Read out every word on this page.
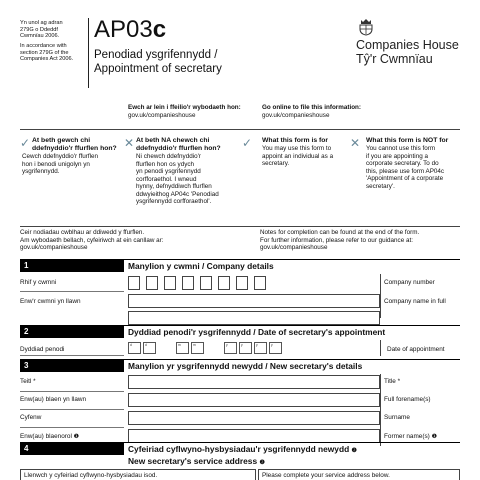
Yn unol ag adran
279G o Ddeddf
Cwmnïau 2006.
In accordance with
section 279G of the
Companies Act 2006.
AP03c
Penodiad ysgrifennydd /
Appointment of secretary
Companies House
Tŷ'r Cwmnïau
Ewch ar lein i ffeilio'r wybodaeth hon:
gov.uk/companieshouse
Go online to file this information:
gov.uk/companieshouse
✓ At beth gewch chi
ddefnyddio'r ffurflen hon?
Cewch ddefnyddio'r ffurflen
hon i benodi unigolyn yn
ysgrifennydd.
✕ At beth NA chewch chi
ddefnyddio'r ffurflen hon?
Ni chewch ddefnyddio'r
ffurflen hon os ydych
yn penodi ysgrifennydd
corfforaethol. I wneud
hynny, defnyddiwch ffurflen
ddwyieithog AP04c 'Penodiad
ysgrifennydd corfforaethol'.
✓ What this form is for
You may use this form to
appoint an individual as a
secretary.
✕ What this form is NOT for
You cannot use this form
if you are appointing a
corporate secretary. To do
this, please use form AP04c
'Appointment of a corporate
secretary'.
Ceir nodiadau cwblhau ar ddiwedd y ffurflen.
Am wybodaeth bellach, cyfeiriwch at ein canllaw ar:
gov.uk/companieshouse
Notes for completion can be found at the end of the form.
For further information, please refer to our guidance at:
gov.uk/companieshouse
1	Manylion y cwmni / Company details
Rhif y cwmni	Company number
Enw'r cwmni yn llawn	Company name in full
2	Dyddiad penodi'r ysgrifennydd / Date of secretary's appointment
Dyddiad penodi
d	d	m	m	y	y	y	y
Date of appointment
3	Manylion yr ysgrifennydd newydd / New secretary's details
Teitl *	Title *
Enw(au) blaen yn llawn	Full forename(s)
Cyfenw	Surname
Enw(au) blaenorol ❶	Former name(s) ❶
4	Cyfeiriad cyflwyno-hysbysiadau'r ysgrifennydd newydd ❷
New secretary's service address ❷
Llenwch y cyfeiriad cyflwyno-hysbysiadau isod.	Please complete your service address below.
